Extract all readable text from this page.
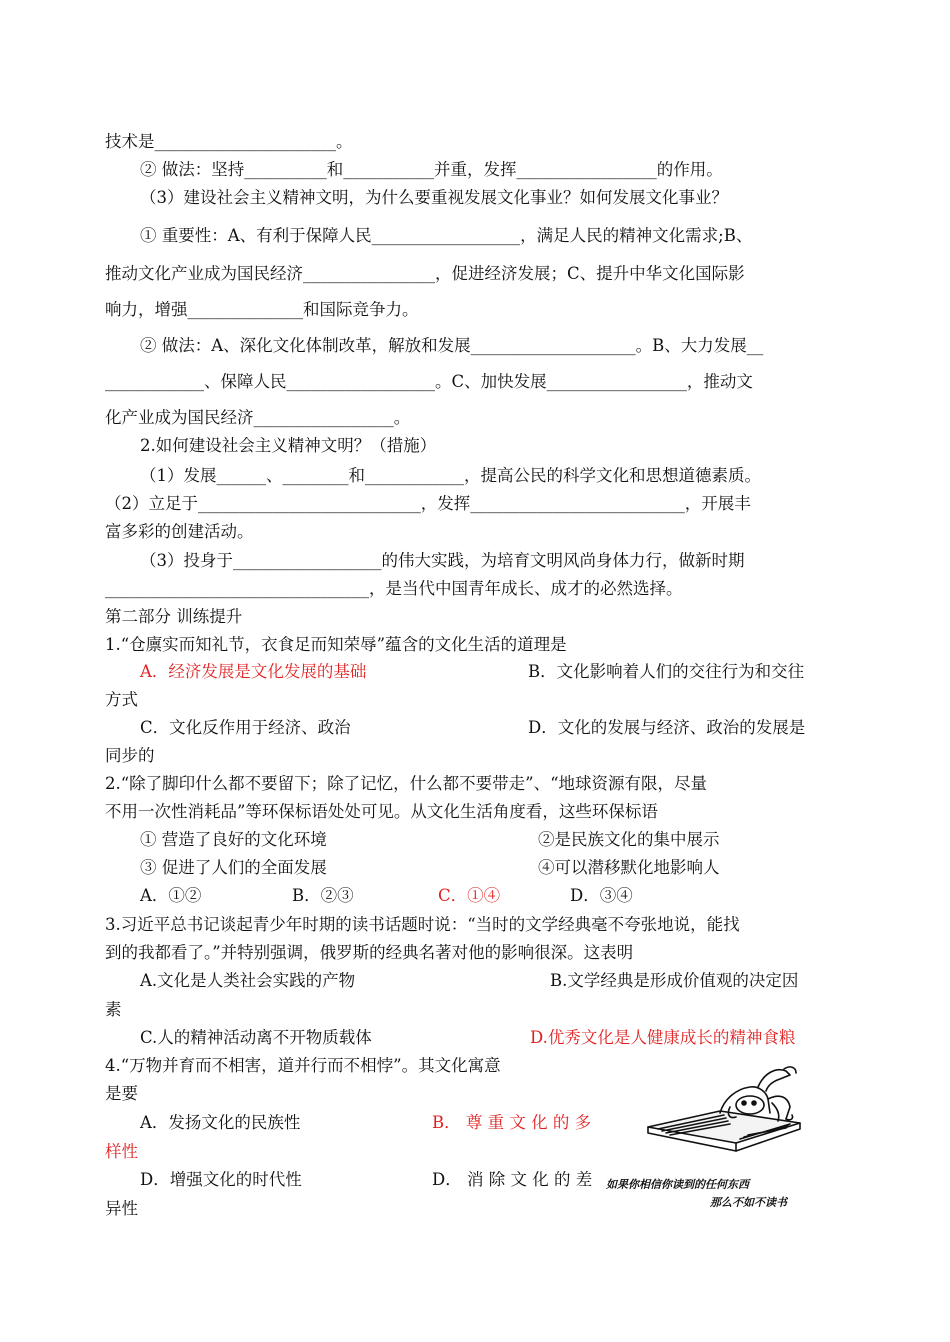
技术是______________________。
② 做法：坚持__________和___________并重，发挥_________________的作用。
（3）建设社会主义精神文明，为什么要重视发展文化事业？如何发展文化事业？
① 重要性：A、有利于保障人民__________________，满足人民的精神文化需求;B、
推动文化产业成为国民经济________________，促进经济发展；C、提升中华文化国际影
响力，增强______________和国际竞争力。
② 做法：A、深化文化体制改革，解放和发展____________________。B、大力发展__
____________、保障人民__________________。C、加快发展_________________，推动文
化产业成为国民经济_________________。
2.如何建设社会主义精神文明？（措施）
（1）发展______、________和____________，提高公民的科学文化和思想道德素质。
（2）立足于___________________________，发挥__________________________，开展丰
富多彩的创建活动。
（3）投身于__________________的伟大实践，为培育文明风尚身体力行，做新时期
________________________________，是当代中国青年成长、成才的必然选择。
第二部分 训练提升
1.“仓廪实而知礼节，衣食足而知荣辱”蕴含的文化生活的道理是
A．经济发展是文化发展的基础	B．文化影响着人们的交往行为和交往
方式
C．文化反作用于经济、政治	D．文化的发展与经济、政治的发展是
同步的
2.“除了脚印什么都不要留下；除了记忆，什么都不要带走”、“地球资源有限，尽量
不用一次性消耗品”等环保标语处处可见。从文化生活角度看，这些环保标语
① 营造了良好的文化环境	②是民族文化的集中展示
③ 促进了人们的全面发展	④可以潜移默化地影响人
A．①②	B．②③	C．①④	D．③④
3.习近平总书记谈起青少年时期的读书话题时说：“当时的文学经典毫不夸张地说，能找
到的我都看了。”并特别强调，俄罗斯的经典名著对他的影响很深。这表明
A.文化是人类社会实践的产物	B.文学经典是形成价值观的决定因
素
C.人的精神活动离不开物质载体	D.优秀文化是人健康成长的精神食粮
4.“万物并育而不相害，道并行而不相悖”。其文化寓意
是要
A．发扬文化的民族性	B． 尊 重 文 化 的 多
样性
D．增强文化的时代性	D． 消 除 文 化 的 差
异性
如果你相信你读到的任何东西
那么不如不读书
